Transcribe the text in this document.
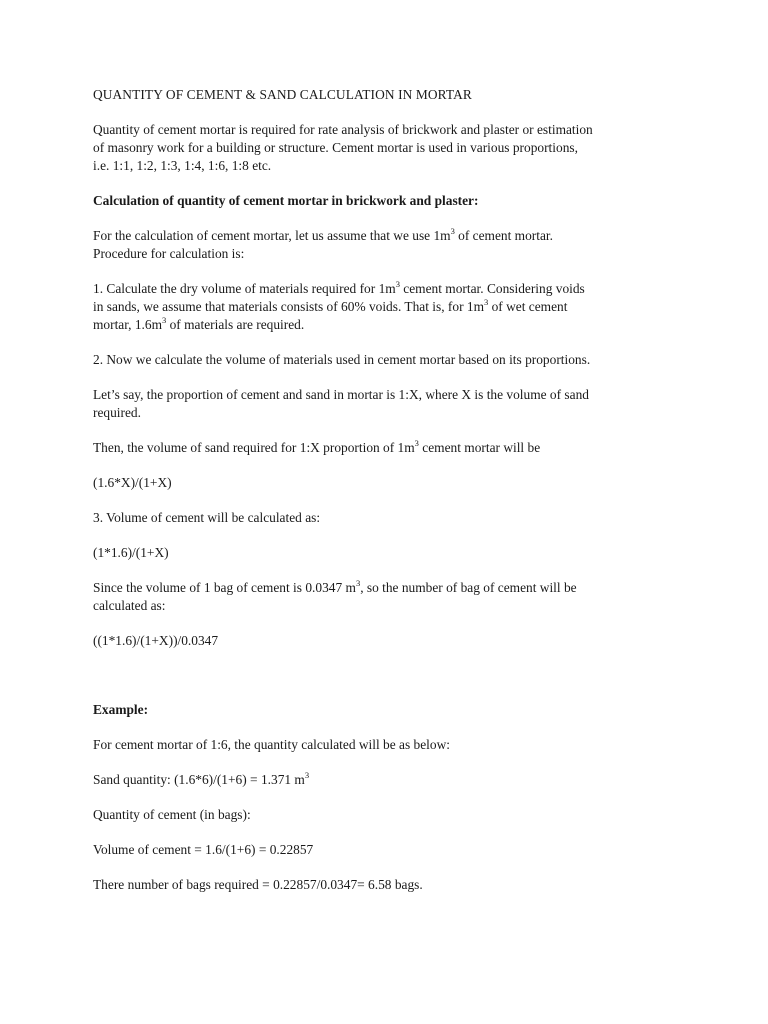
QUANTITY OF CEMENT & SAND CALCULATION IN MORTAR

Quantity of cement mortar is required for rate analysis of brickwork and plaster or estimation
of masonry work for a building or structure. Cement mortar is used in various proportions,
i.e. 1:1, 1:2, 1:3, 1:4, 1:6, 1:8 etc.

Calculation of quantity of cement mortar in brickwork and plaster:

For the calculation of cement mortar, let us assume that we use $1m^3$ of cement mortar.
Procedure for calculation is:

1. Calculate the dry volume of materials required for $1m^3$ cement mortar. Considering voids
in sands, we assume that materials consists of 60% voids. That is, for $1m^3$ of wet cement
mortar, $1.6m^3$ of materials are required.

2. Now we calculate the volume of materials used in cement mortar based on its proportions.

Let’s say, the proportion of cement and sand in mortar is 1:X, where X is the volume of sand
required.

Then, the volume of sand required for 1:X proportion of $1m^3$ cement mortar will be

(1.6*X)/(1+X)

3. Volume of cement will be calculated as:

(1*1.6)/(1+X)

Since the volume of 1 bag of cement is 0.0347 $m^3$, so the number of bag of cement will be
calculated as:

((1*1.6)/(1+X))/0.0347

Example:

For cement mortar of 1:6, the quantity calculated will be as below:

Sand quantity: (1.6*6)/(1+6) = 1.371 $m^3$

Quantity of cement (in bags):

Volume of cement = 1.6/(1+6) = 0.22857

There number of bags required = 0.22857/0.0347= 6.58 bags.
